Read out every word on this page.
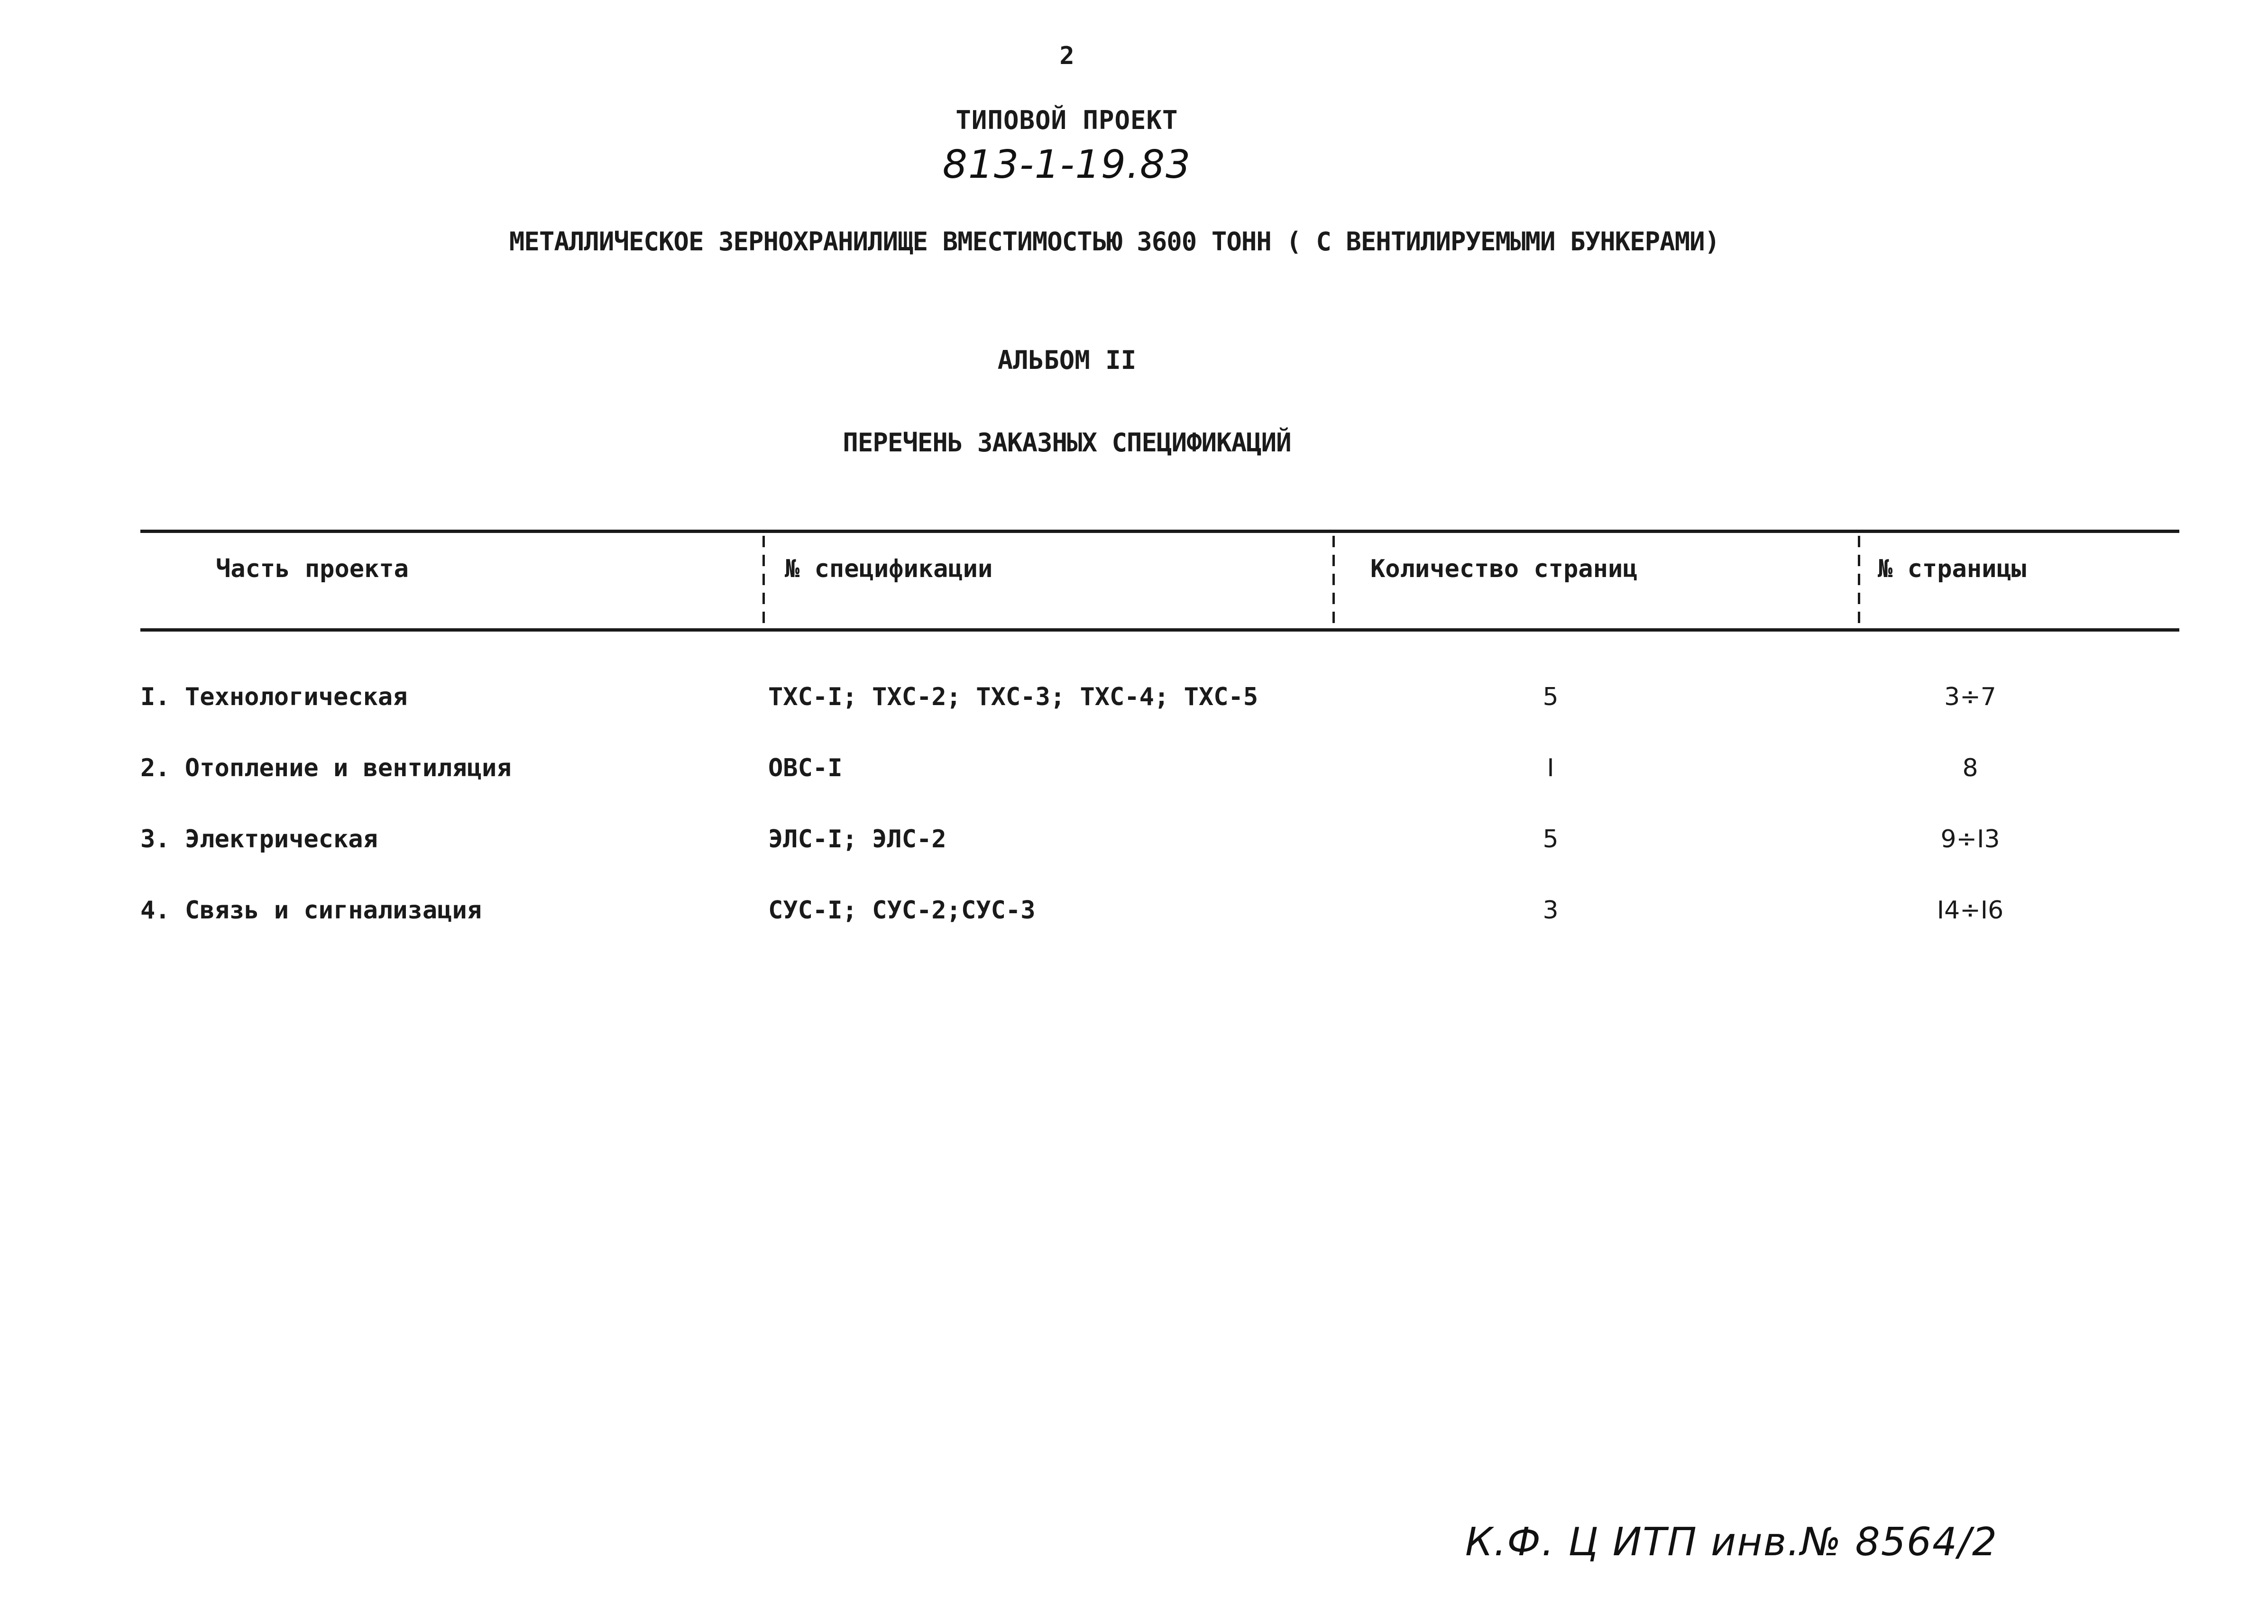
2
ТИПОВОЙ ПРОЕКТ
813-1-19.83
МЕТАЛЛИЧЕСКОЕ ЗЕРНОХРАНИЛИЩЕ ВМЕСТИМОСТЬЮ 3600 ТОНН ( С ВЕНТИЛИРУЕМЫМИ БУНКЕРАМИ)
АЛЬБОМ II
ПЕРЕЧЕНЬ ЗАКАЗНЫХ СПЕЦИФИКАЦИЙ
Часть проекта	№ спецификации	Количество страниц	№ страницы
I. Технологическая	ТХС-I; ТХС-2; ТХС-3; ТХС-4; ТХС-5	5	3÷7
2. Отопление и вентиляция	ОВС-I	I	8
3. Электрическая	ЭЛС-I; ЭЛС-2	5	9÷I3
4. Связь и сигнализация	СУС-I; СУС-2;СУС-3	3	I4÷I6
К.Ф. Ц ИТП инв.№ 8564/2
